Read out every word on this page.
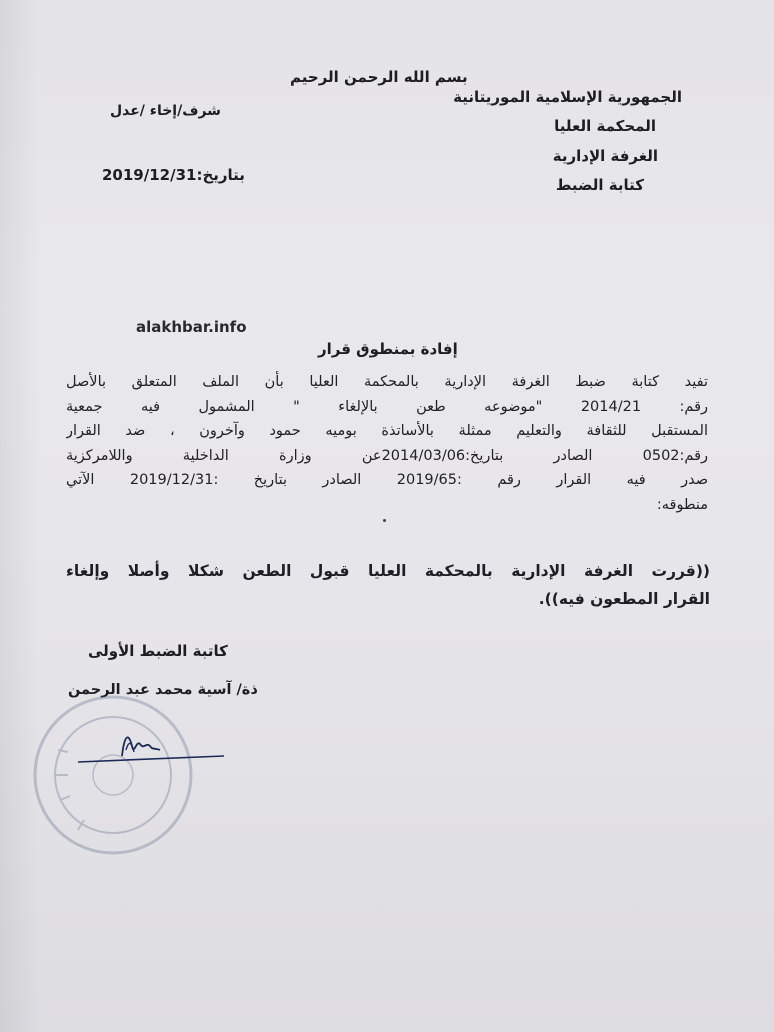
بسم الله الرحمن الرحيم
الجمهورية الإسلامية الموريتانية
المحكمة العليا
الغرفة الإدارية
كتابة الضبط
شرف/إخاء /عدل
بتاريخ:2019/12/31
alakhbar.info
إفادة بمنطوق قرار

تفيد كتابة ضبط الغرفة الإدارية بالمحكمة العليا بأن الملف المتعلق بالأصل

رقم: 2014/21 "موضوعه طعن بالإلغاء " المشمول فيه جمعية

المستقبل للثقافة والتعليم ممثلة بالأساتذة بوميه حمود وآخرون ، ضد القرار

رقم:0502 الصادر بتاريخ:2014/03/06عن وزارة الداخلية واللامركزية

صدر فيه القرار رقم :2019/65 الصادر بتاريخ :2019/12/31 الآتي

منطوقه:

((قررت الغرفة الإدارية بالمحكمة العليا قبول الطعن شكلا وأصلا وإلغاء

القرار المطعون فيه)).

كاتبة الضبط الأولى
ذة/ آسية محمد عبد الرحمن
